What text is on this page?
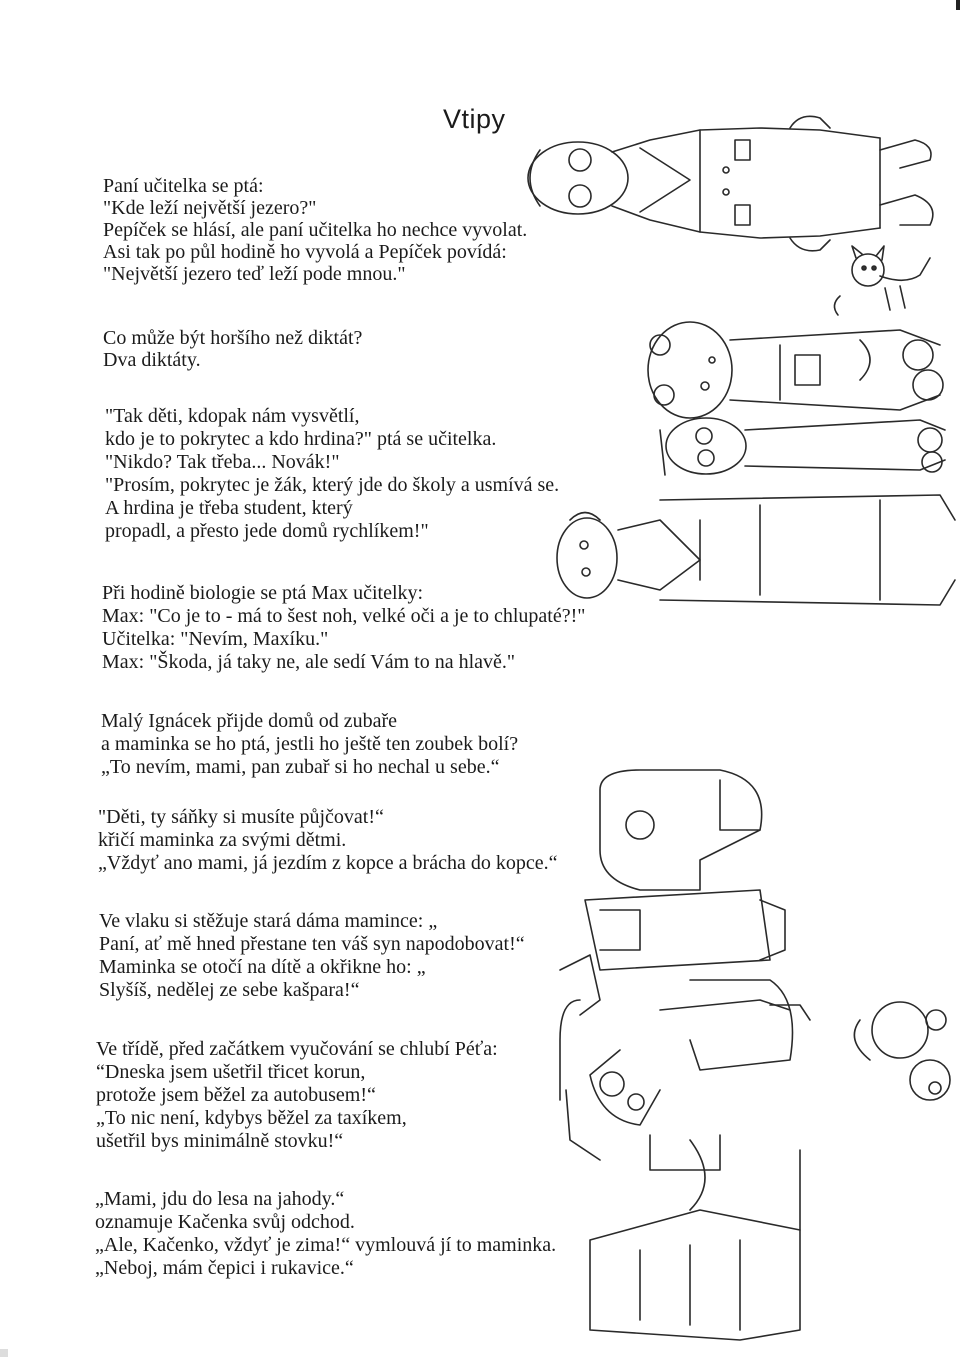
Vtipy
Paní učitelka se ptá:
"Kde leží největší jezero?"
Pepíček se hlásí, ale paní učitelka ho nechce vyvolat.
Asi tak po půl hodině ho vyvolá a Pepíček povídá:
"Největší jezero teď leží pode mnou."
Co může být horšího než diktát?
Dva diktáty.
"Tak děti, kdopak nám vysvětlí,
kdo je to pokrytec a kdo hrdina?" ptá se učitelka.
"Nikdo? Tak třeba... Novák!"
"Prosím, pokrytec je žák, který jde do školy a usmívá se.
A hrdina je třeba student, který
propadl, a přesto jede domů rychlíkem!"
Při hodině biologie se ptá Max učitelky:
Max: "Co je to - má to šest noh, velké oči a je to chlupaté?!"
Učitelka: "Nevím, Maxíku."
Max: "Škoda, já taky ne, ale sedí Vám to na hlavě."
Malý Ignácek přijde domů od zubaře
a maminka se ho ptá, jestli ho ještě ten zoubek bolí?
„To nevím, mami, pan zubař si ho nechal u sebe.“
"Děti, ty sáňky si musíte půjčovat!“
křičí maminka za svými dětmi.
„Vždyť ano mami, já jezdím z kopce a brácha do kopce.“
Ve vlaku si stěžuje stará dáma mamince: „
Paní, ať mě hned přestane ten váš syn napodobovat!“
Maminka se otočí na dítě a okřikne ho: „
Slyšíš, nedělej ze sebe kašpara!“
Ve třídě, před začátkem vyučování se chlubí Péťa:
“Dneska jsem ušetřil třicet korun,
protože jsem běžel za autobusem!“
„To nic není, kdybys běžel za taxíkem,
ušetřil bys minimálně stovku!“
„Mami, jdu do lesa na jahody.“
oznamuje Kačenka svůj odchod.
„Ale, Kačenko, vždyť je zima!“ vymlouvá jí to maminka.
„Neboj, mám čepici i rukavice.“
